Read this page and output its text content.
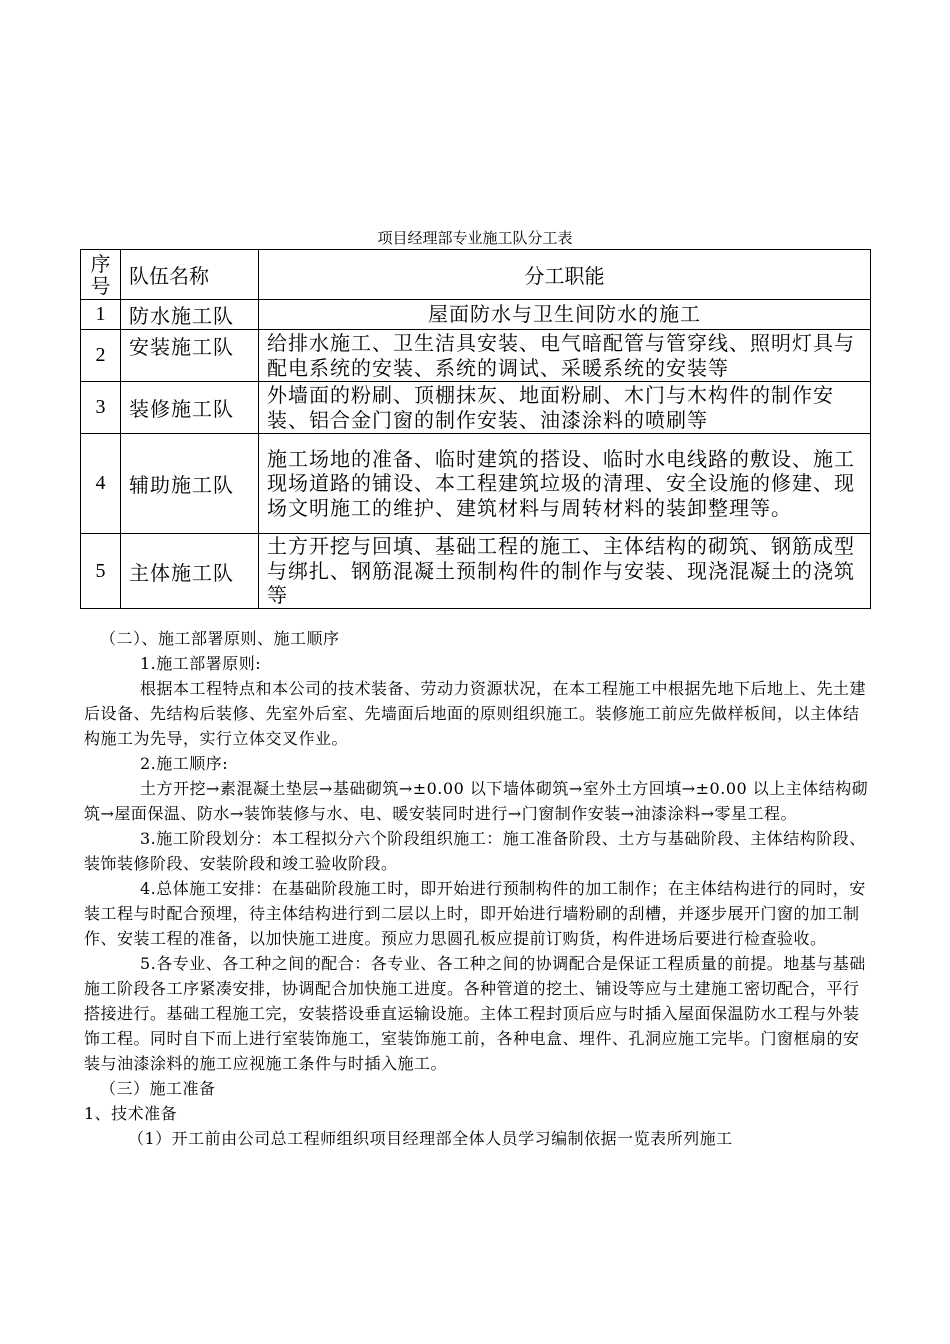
项目经理部专业施工队分工表
序号	队伍名称	分工职能
1	防水施工队	屋面防水与卫生间防水的施工
2	安装施工队	给排水施工、卫生洁具安装、电气暗配管与管穿线、照明灯具与配电系统的安装、系统的调试、采暖系统的安装等
3	装修施工队	外墙面的粉刷、顶棚抹灰、地面粉刷、木门与木构件的制作安装、铝合金门窗的制作安装、油漆涂料的喷刷等
4	辅助施工队	施工场地的准备、临时建筑的搭设、临时水电线路的敷设、施工现场道路的铺设、本工程建筑垃圾的清理、安全设施的修建、现场文明施工的维护、建筑材料与周转材料的装卸整理等。
5	主体施工队	土方开挖与回填、基础工程的施工、主体结构的砌筑、钢筋成型与绑扎、钢筋混凝土预制构件的制作与安装、现浇混凝土的浇筑等

（二）、施工部署原则、施工顺序

1.施工部署原则:

根据本工程特点和本公司的技术装备、劳动力资源状况，在本工程施工中根据先地下后地上、先土建后设备、先结构后装修、先室外后室、先墙面后地面的原则组织施工。装修施工前应先做样板间，以主体结构施工为先导，实行立体交叉作业。

2.施工顺序:

土方开挖→素混凝土垫层→基础砌筑→±0.00 以下墙体砌筑→室外土方回填→±0.00 以上主体结构砌筑→屋面保温、防水→装饰装修与水、电、暖安装同时进行→门窗制作安装→油漆涂料→零星工程。

3.施工阶段划分：本工程拟分六个阶段组织施工：施工准备阶段、土方与基础阶段、主体结构阶段、装饰装修阶段、安装阶段和竣工验收阶段。

4.总体施工安排：在基础阶段施工时，即开始进行预制构件的加工制作；在主体结构进行的同时，安装工程与时配合预埋，待主体结构进行到二层以上时，即开始进行墙粉刷的刮槽，并逐步展开门窗的加工制作、安装工程的准备，以加快施工进度。预应力思圆孔板应提前订购货，构件进场后要进行检查验收。

5.各专业、各工种之间的配合：各专业、各工种之间的协调配合是保证工程质量的前提。地基与基础施工阶段各工序紧凑安排，协调配合加快施工进度。各种管道的挖土、铺设等应与土建施工密切配合，平行搭接进行。基础工程施工完，安装搭设垂直运输设施。主体工程封顶后应与时插入屋面保温防水工程与外装饰工程。同时自下而上进行室装饰施工，室装饰施工前，各种电盒、埋件、孔洞应施工完毕。门窗框扇的安装与油漆涂料的施工应视施工条件与时插入施工。

（三）施工准备

1、技术准备

（1）开工前由公司总工程师组织项目经理部全体人员学习编制依据一览表所列施工
